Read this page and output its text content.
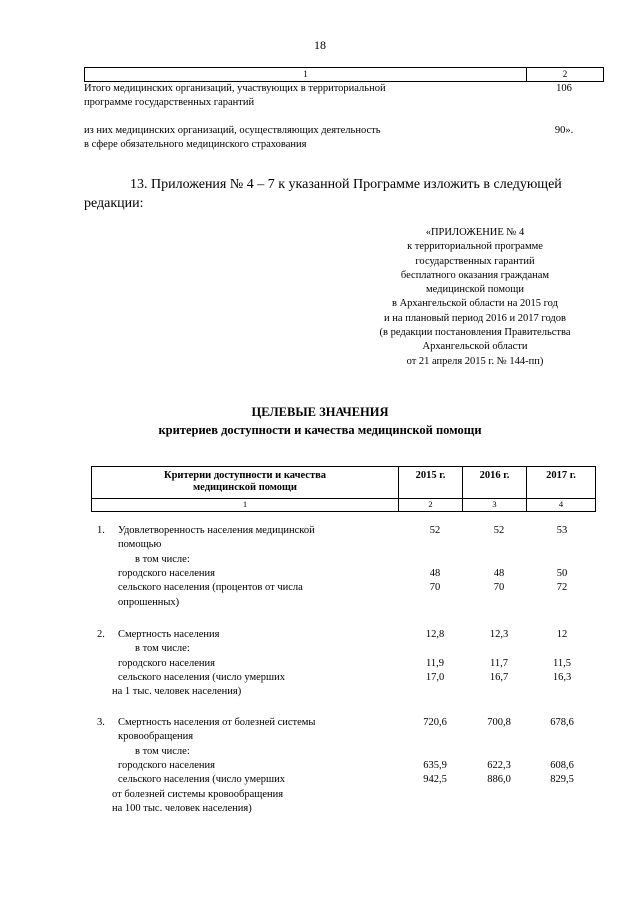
18
1	2
Итого медицинских организаций, участвующих в территориальной
программе государственных гарантий
106
из них медицинских организаций, осуществляющих деятельность
в сфере обязательного медицинского страхования
90».
13. Приложения № 4 – 7 к указанной Программе изложить в следующей
редакции:
«ПРИЛОЖЕНИЕ № 4
к территориальной программе
государственных гарантий
бесплатного оказания гражданам
медицинской помощи
в Архангельской области на 2015 год
и на плановый период 2016 и 2017 годов
(в редакции постановления Правительства
Архангельской области
от 21 апреля 2015 г. № 144-пп)
ЦЕЛЕВЫЕ ЗНАЧЕНИЯ
критериев доступности и качества медицинской помощи
Критерии доступности и качества
медицинской помощи
2015 г.	2016 г.	2017 г.
1	2	3	4
1. Удовлетворенность населения медицинской
помощью
52	52	53
в том числе:
городского населения	48	48	50
сельского населения (процентов от числа	70	70	72
опрошенных)
2. Смертность населения	12,8	12,3	12
в том числе:
городского населения	11,9	11,7	11,5
сельского населения (число умерших	17,0	16,7	16,3
на 1 тыс. человек населения)
3. Смертность населения от болезней системы
кровообращения
720,6	700,8	678,6
в том числе:
городского населения	635,9	622,3	608,6
сельского населения (число умерших	942,5	886,0	829,5
от болезней системы кровообращения
на 100 тыс. человек населения)
